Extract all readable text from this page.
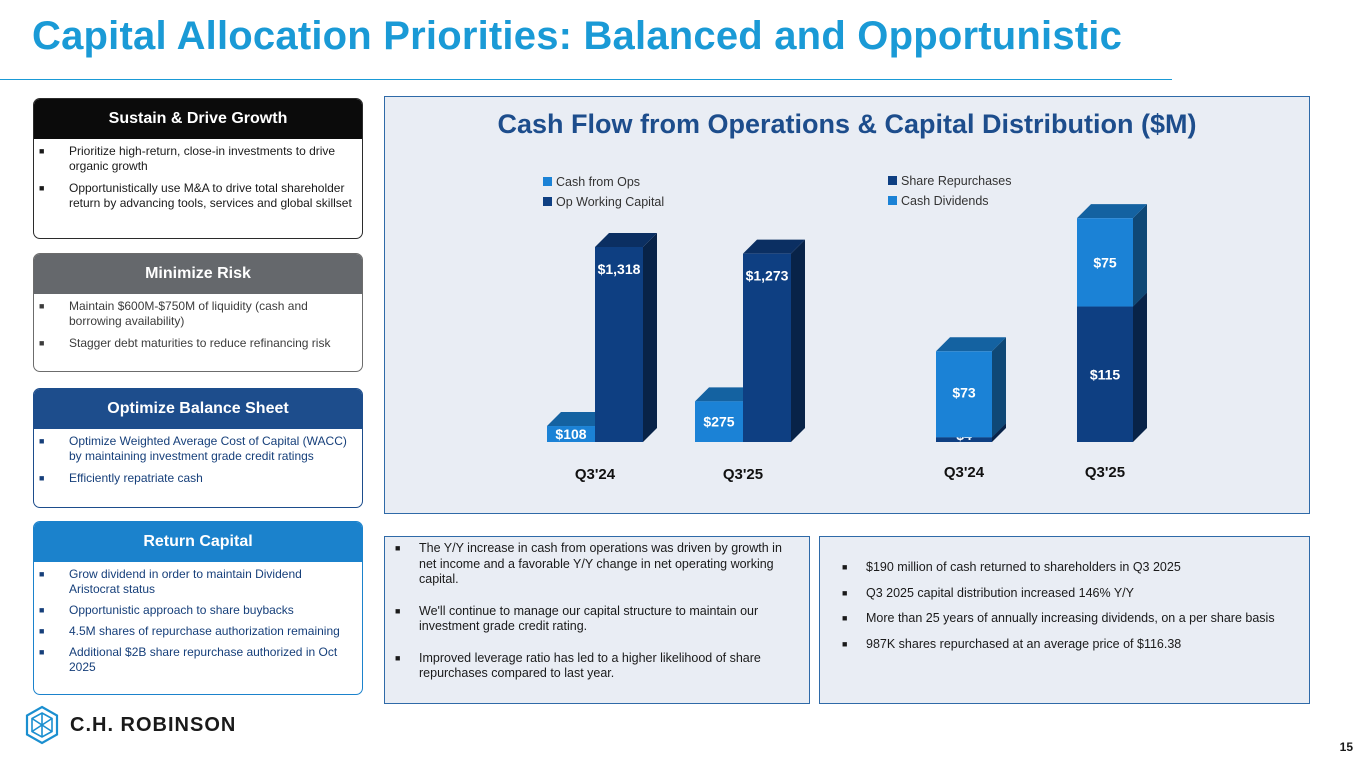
Capital Allocation Priorities: Balanced and Opportunistic
Sustain & Drive Growth
■ Prioritize high-return, close-in investments to drive organic growth
■ Opportunistically use M&A to drive total shareholder return by advancing tools, services and global skillset
Minimize Risk
■ Maintain $600M-$750M of liquidity (cash and borrowing availability)
■ Stagger debt maturities to reduce refinancing risk
Optimize Balance Sheet
■ Optimize Weighted Average Cost of Capital (WACC) by maintaining investment grade credit ratings
■ Efficiently repatriate cash
Return Capital
■ Grow dividend in order to maintain Dividend Aristocrat status
■ Opportunistic approach to share buybacks
■ 4.5M shares of repurchase authorization remaining
■ Additional $2B share repurchase authorized in Oct 2025
Cash Flow from Operations & Capital Distribution ($M)
$108
$1,318
Q3'24
$275
$1,273
Q3'25
Cash from Ops
Op Working Capital
$73
Q3'24
$115
$75
Q3'25
Share Repurchases
Cash Dividends
■ The Y/Y increase in cash from operations was driven by growth in net income and a favorable Y/Y change in net operating working capital.
■ We'll continue to manage our capital structure to maintain our investment grade credit rating.
■ Improved leverage ratio has led to a higher likelihood of share repurchases compared to last year.
■ $190 million of cash returned to shareholders in Q3 2025
■ Q3 2025 capital distribution increased 146% Y/Y
■ More than 25 years of annually increasing dividends, on a per share basis
■ 987K shares repurchased at an average price of $116.38
C.H. ROBINSON
15
